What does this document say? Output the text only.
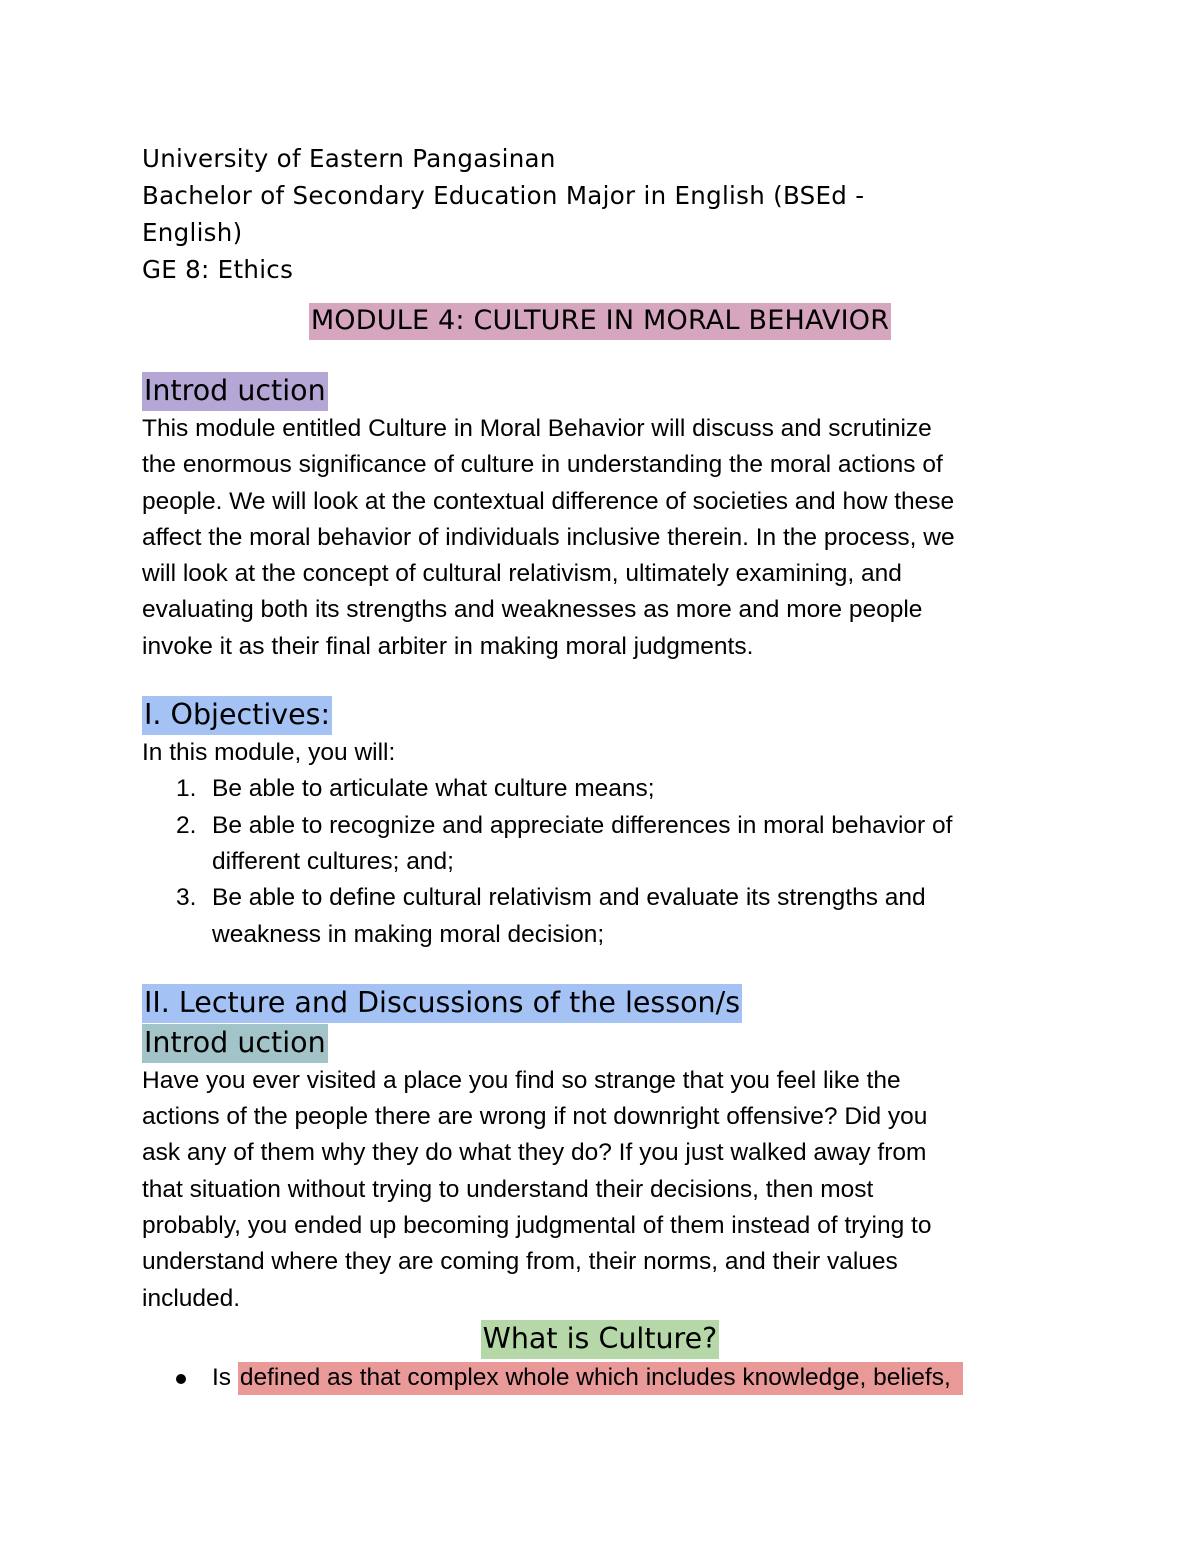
University of Eastern Pangasinan

Bachelor of Secondary Education Major in English (BSEd -

English)

GE 8: Ethics

MODULE 4: CULTURE IN MORAL BEHAVIOR

Introd uction

This module entitled Culture in Moral Behavior will discuss and scrutinize

the enormous significance of culture in understanding the moral actions of

people. We will look at the contextual difference of societies and how these

affect the moral behavior of individuals inclusive therein. In the process, we

will look at the concept of cultural relativism, ultimately examining, and

evaluating both its strengths and weaknesses as more and more people

invoke it as their final arbiter in making moral judgments.

I. Objectives:

In this module, you will:

1. Be able to articulate what culture means;
2. Be able to recognize and appreciate differences in moral behavior of
different cultures; and;
3. Be able to define cultural relativism and evaluate its strengths and
weakness in making moral decision;

II. Lecture and Discussions of the lesson/s

Introd uction

Have you ever visited a place you find so strange that you feel like the

actions of the people there are wrong if not downright offensive? Did you

ask any of them why they do what they do? If you just walked away from

that situation without trying to understand their decisions, then most

probably, you ended up becoming judgmental of them instead of trying to

understand where they are coming from, their norms, and their values

included.

What is Culture?

Is defined as that complex whole which includes knowledge, beliefs,
